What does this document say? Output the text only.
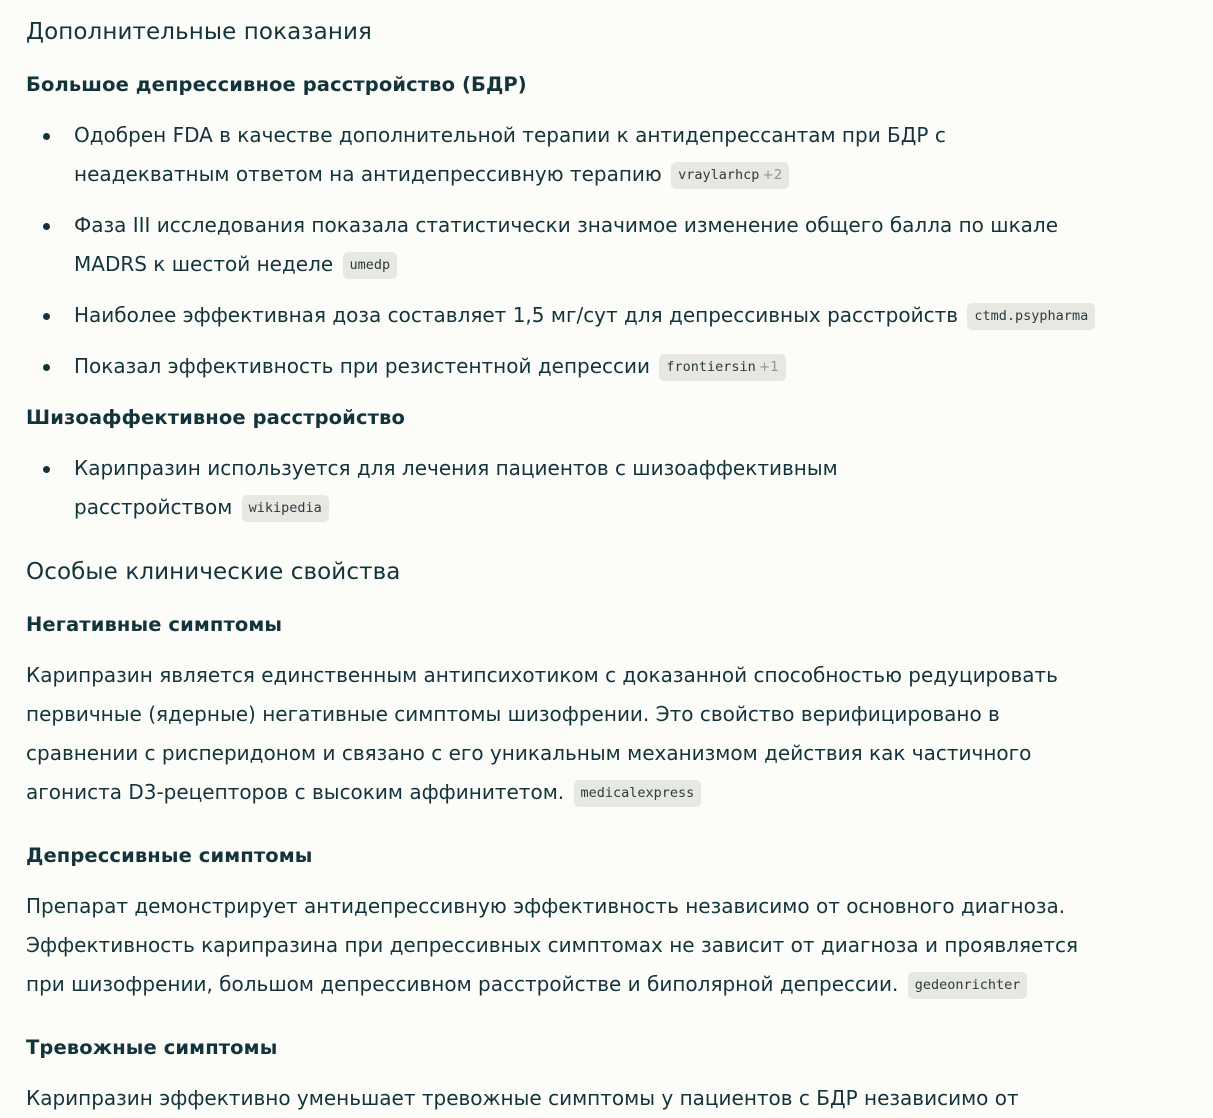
Дополнительные показания
Большое депрессивное расстройство (БДР)
Одобрен FDA в качестве дополнительной терапии к антидепрессантам при БДР с
неадекватным ответом на антидепрессивную терапию vraylarhcp +2
Фаза III исследования показала статистически значимое изменение общего балла по шкале
MADRS к шестой неделе umedp
Наиболее эффективная доза составляет 1,5 мг/сут для депрессивных расстройств ctmd.psypharma
Показал эффективность при резистентной депрессии frontiersin +1
Шизоаффективное расстройство
Карипразин используется для лечения пациентов с шизоаффективным
расстройством wikipedia
Особые клинические свойства
Негативные симптомы

Карипразин является единственным антипсихотиком с доказанной способностью редуцировать
первичные (ядерные) негативные симптомы шизофрении. Это свойство верифицировано в
сравнении с рисперидоном и связано с его уникальным механизмом действия как частичного
агониста D3-рецепторов с высоким аффинитетом. medicalexpress

Депрессивные симптомы

Препарат демонстрирует антидепрессивную эффективность независимо от основного диагноза.
Эффективность карипразина при депрессивных симптомах не зависит от диагноза и проявляется
при шизофрении, большом депрессивном расстройстве и биполярной депрессии. gedeonrichter

Тревожные симптомы

Карипразин эффективно уменьшает тревожные симптомы у пациентов с БДР независимо от
